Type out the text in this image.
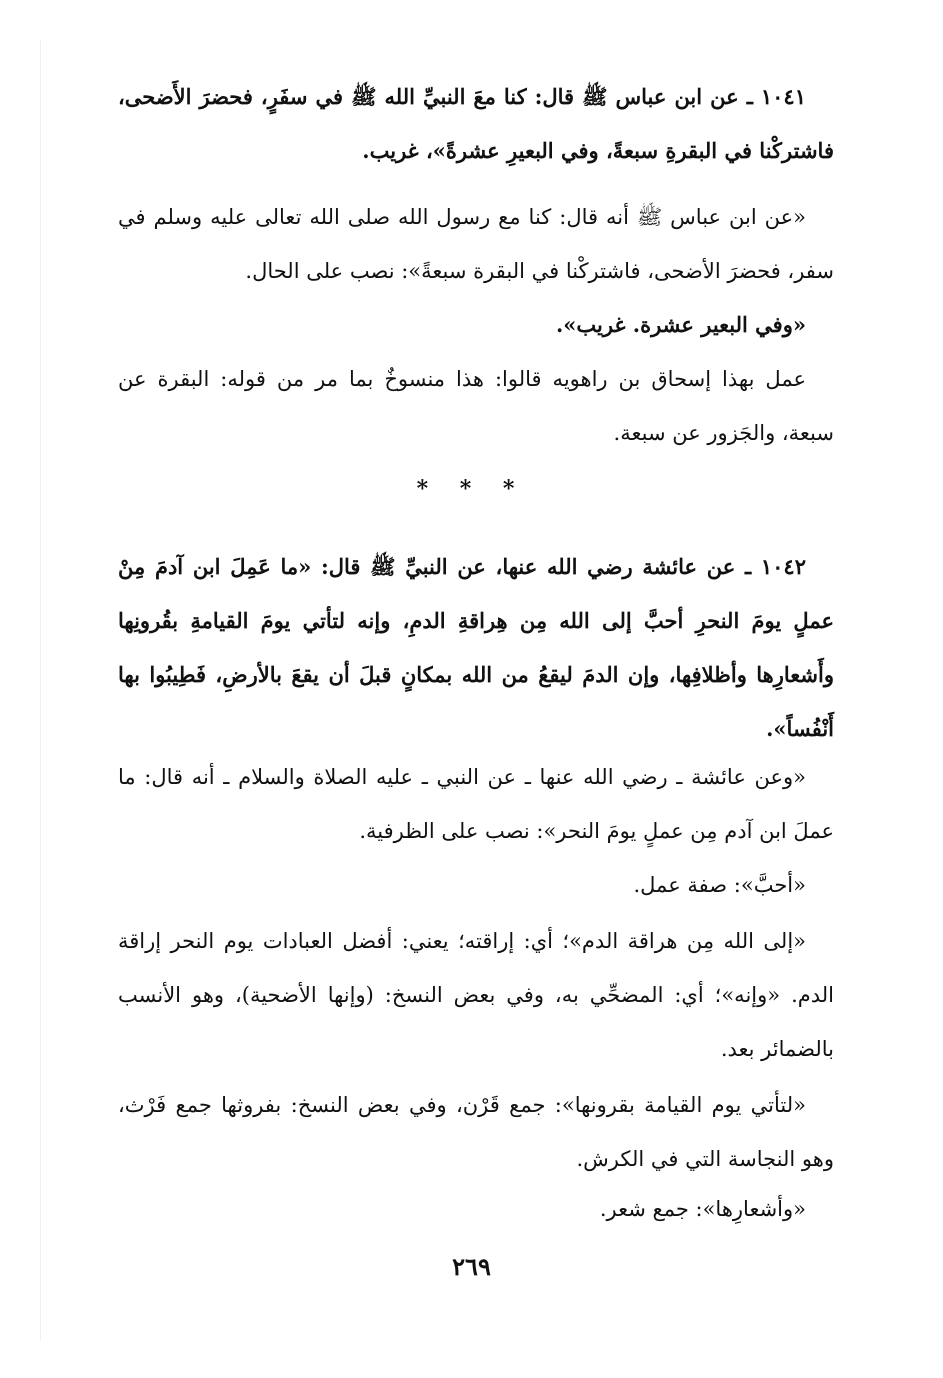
١٠٤١ ـ عن ابن عباس ﷺ قال: كنا معَ النبيِّ الله ﷺ في سفَرٍ، فحضرَ الأَضحى، فاشتركْنا في البقرةِ سبعةً، وفي البعيرِ عشرةً»، غريب.

«عن ابن عباس ﷺ أنه قال: كنا مع رسول الله صلى الله تعالى عليه وسلم في سفر، فحضرَ الأضحى، فاشتركْنا في البقرة سبعةً»: نصب على الحال.

«وفي البعير عشرة. غريب».

عمل بهذا إسحاق بن راهويه قالوا: هذا منسوخٌ بما مر من قوله: البقرة عن سبعة، والجَزور عن سبعة.

* * *

١٠٤٢ ـ عن عائشة رضي الله عنها، عن النبيِّ ﷺ قال: «ما عَمِلَ ابن آدمَ مِنْ عملٍ يومَ النحرِ أحبَّ إلى الله مِن هِراقةِ الدمِ، وإنه لتأتي يومَ القيامةِ بقُرونِها وأَشعارِها وأظلافِها، وإن الدمَ ليقعُ من الله بمكانٍ قبلَ أن يقعَ بالأرضِ، فَطِيبُوا بها أَنْفُساً».

«وعن عائشة ـ رضي الله عنها ـ عن النبي ـ عليه الصلاة والسلام ـ أنه قال: ما عملَ ابن آدم مِن عملٍ يومَ النحر»: نصب على الظرفية.

«أحبَّ»: صفة عمل.

«إلى الله مِن هراقة الدم»؛ أي: إراقته؛ يعني: أفضل العبادات يوم النحر إراقة الدم. «وإنه»؛ أي: المضحِّي به، وفي بعض النسخ: (وإنها الأضحية)، وهو الأنسب بالضمائر بعد.

«لتأتي يوم القيامة بقرونها»: جمع قَرْن، وفي بعض النسخ: بفروثها جمع فَرْث، وهو النجاسة التي في الكرش.

«وأشعارِها»: جمع شعر.

٢٦٩
